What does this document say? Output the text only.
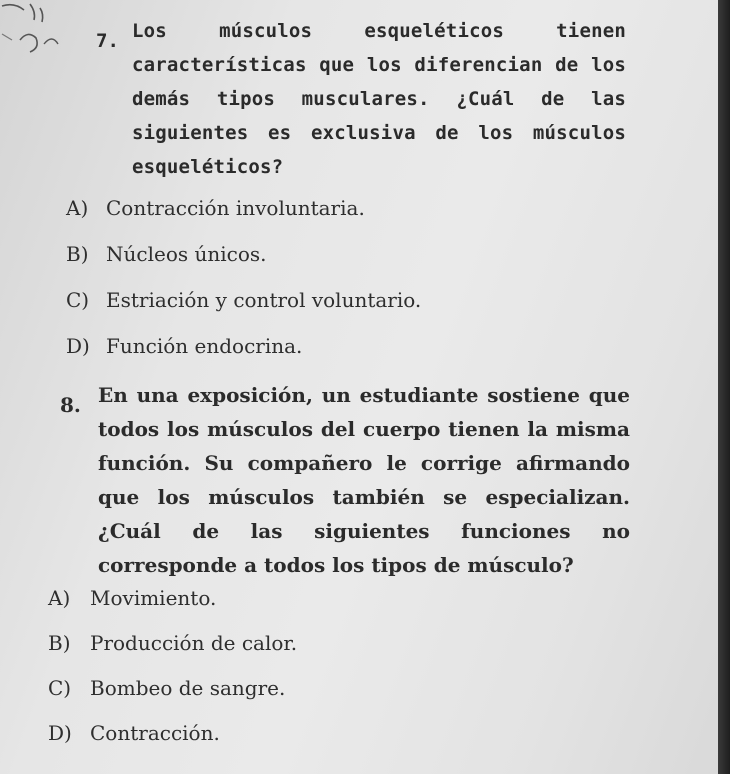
7. Los músculos esqueléticos tienen características que los diferencian de los demás tipos musculares. ¿Cuál de las siguientes es exclusiva de los músculos esqueléticos?

A) Contracción involuntaria.
B) Núcleos únicos.
C) Estriación y control voluntario.
D) Función endocrina.
8. En una exposición, un estudiante sostiene que todos los músculos del cuerpo tienen la misma función. Su compañero le corrige afirmando que los músculos también se especializan. ¿Cuál de las siguientes funciones no corresponde a todos los tipos de músculo?

A) Movimiento.
B) Producción de calor.
C) Bombeo de sangre.
D) Contracción.
